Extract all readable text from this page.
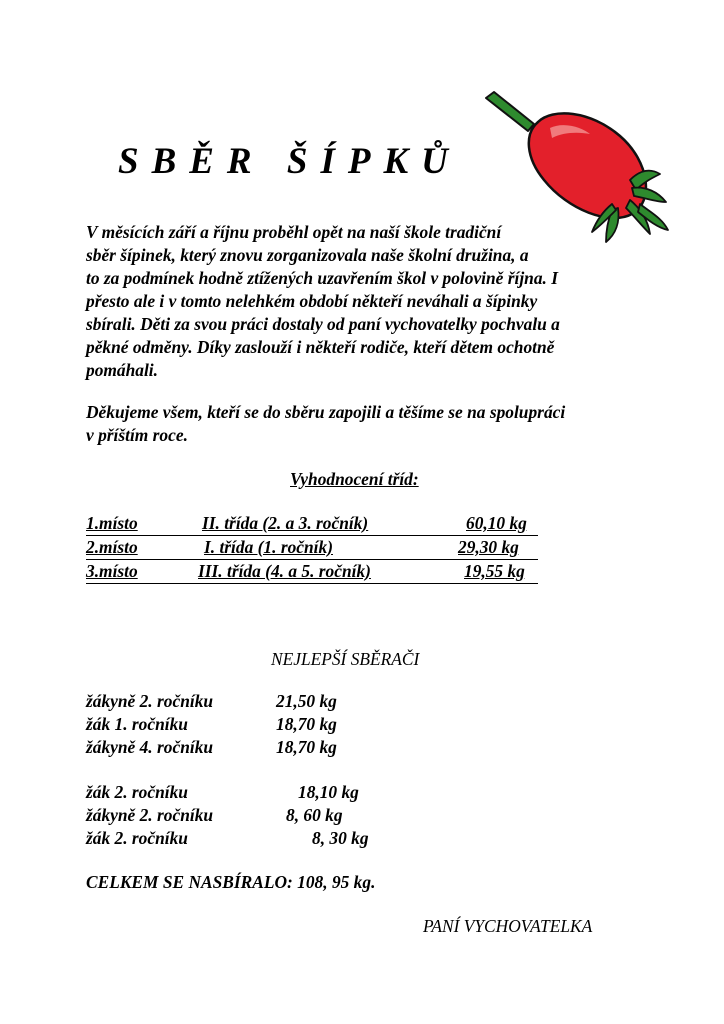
SBĚR ŠÍPKŮ

V měsících září a říjnu proběhl opět na naší škole tradiční
sběr šípinek, který znovu zorganizovala naše školní družina, a
to za podmínek hodně ztížených uzavřením škol v polovině října. I
přesto ale i v tomto nelehkém období někteří neváhali a šípinky
sbírali. Děti za svou práci dostaly od paní vychovatelky pochvalu a
pěkné odměny. Díky zaslouží i někteří rodiče, kteří dětem ochotně
pomáhali.

Děkujeme všem, kteří se do sběru zapojili a těšíme se na spolupráci
v příštím roce.

Vyhodnocení tříd:
1.místo	II. třída (2. a 3. ročník)	60,10 kg
2.místo	I. třída (1. ročník)	29,30 kg
3.místo	III. třída (4. a 5. ročník)	19,55 kg
NEJLEPŠÍ SBĚRAČI
žákyně 2. ročníku	21,50 kg
žák 1. ročníku	18,70 kg
žákyně 4. ročníku	18,70 kg
žák 2. ročníku	18,10 kg
žákyně 2. ročníku	8, 60 kg
žák 2. ročníku	8, 30 kg
CELKEM SE NASBÍRALO: 108, 95 kg.
PANÍ VYCHOVATELKA
